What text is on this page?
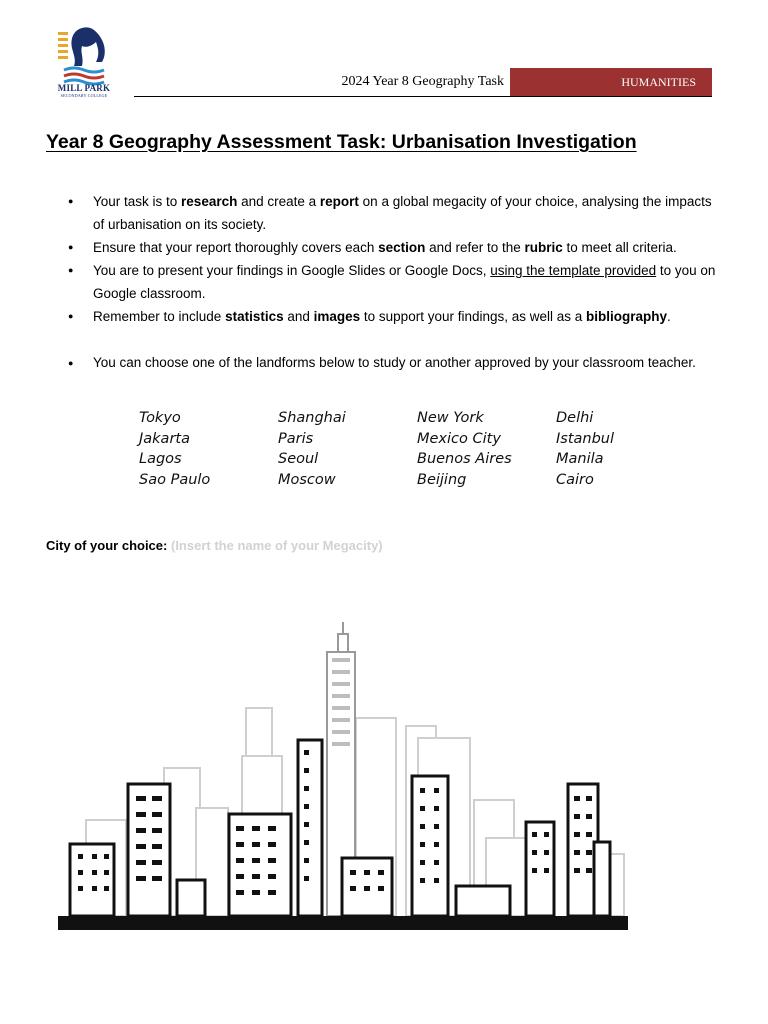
MILL PARK
SECONDARY COLLEGE
2024 Year 8 Geography Task	HUMANITIES
Year 8 Geography Assessment Task: Urbanisation Investigation
● Your task is to research and create a report on a global megacity of your choice, analysing the impacts of urbanisation on its society.
● Ensure that your report thoroughly covers each section and refer to the rubric to meet all criteria.
● You are to present your findings in Google Slides or Google Docs, using the template provided to you on Google classroom.
● Remember to include statistics and images to support your findings, as well as a bibliography.
● You can choose one of the landforms below to study or another approved by your classroom teacher.
Tokyo	Shanghai	New York	Delhi
Jakarta	Paris	Mexico City	Istanbul
Lagos	Seoul	Buenos Aires	Manila
Sao Paulo	Moscow	Beijing	Cairo
City of your choice: (Insert the name of your Megacity)
